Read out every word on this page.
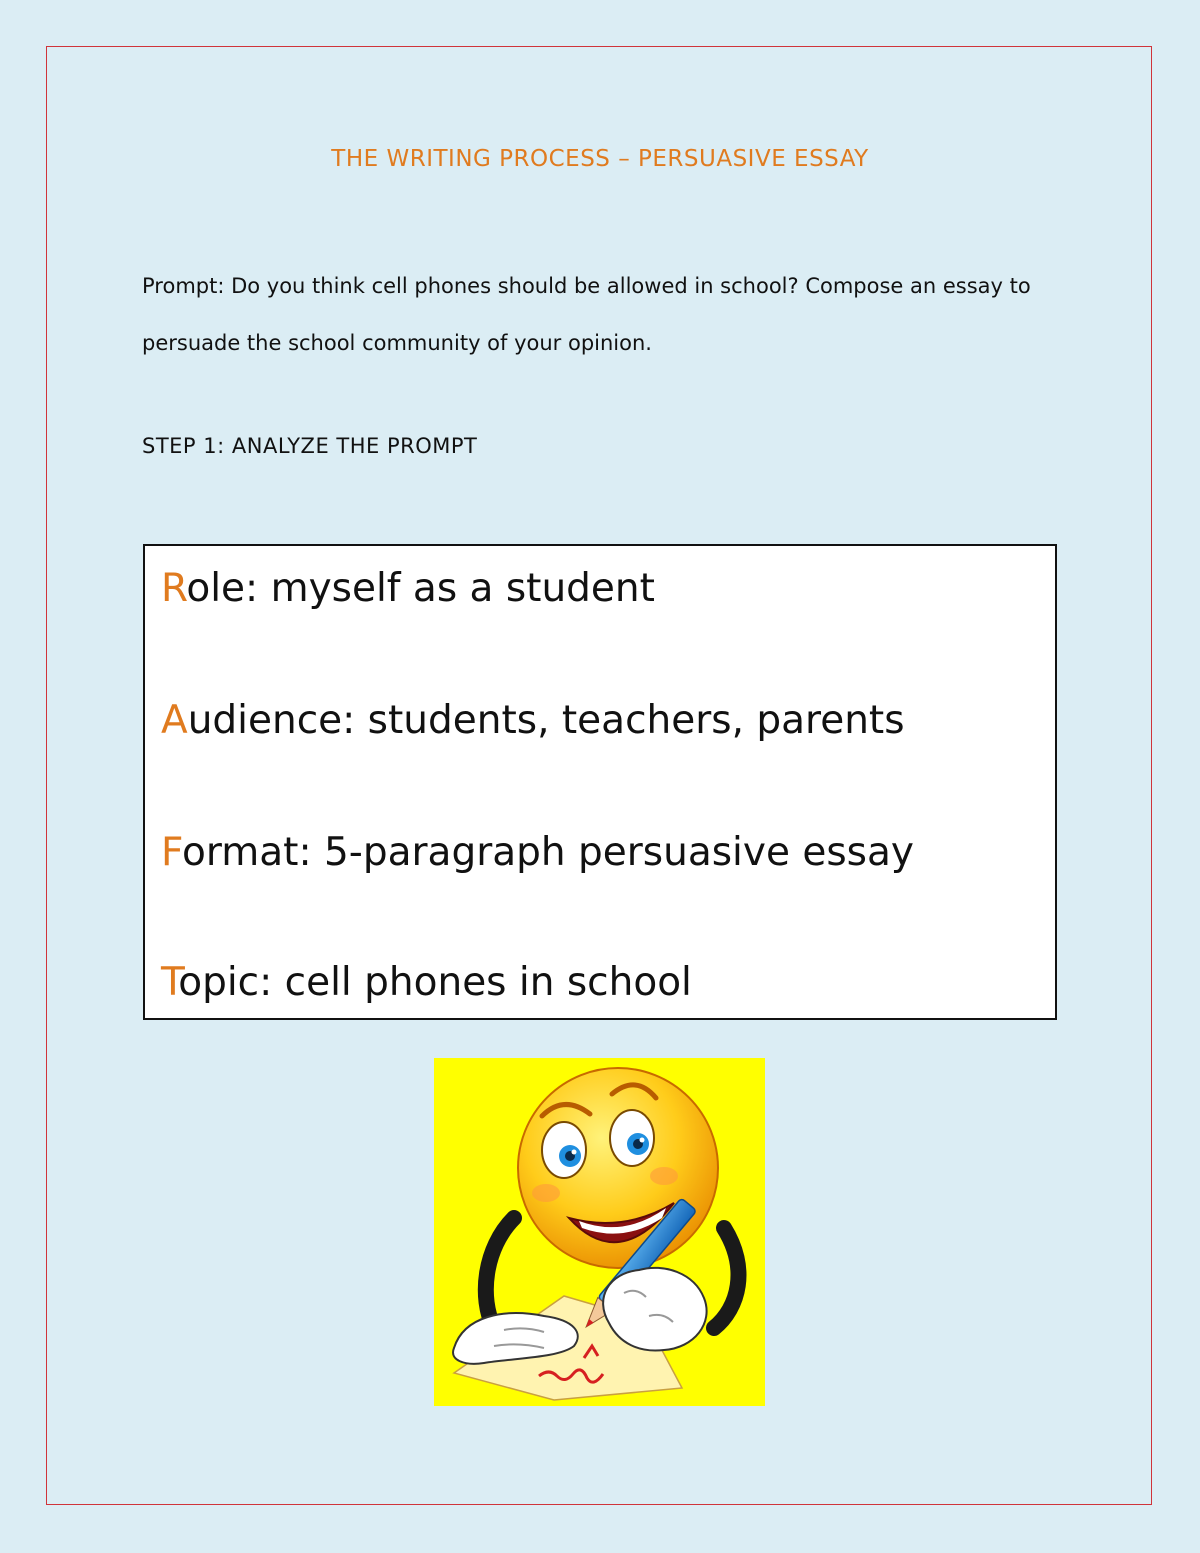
THE WRITING PROCESS – PERSUASIVE ESSAY

Prompt: Do you think cell phones should be allowed in school? Compose an essay to persuade the school community of your opinion.

STEP 1: ANALYZE THE PROMPT
Role: myself as a student
Audience: students, teachers, parents
Format: 5-paragraph persuasive essay
Topic: cell phones in school
